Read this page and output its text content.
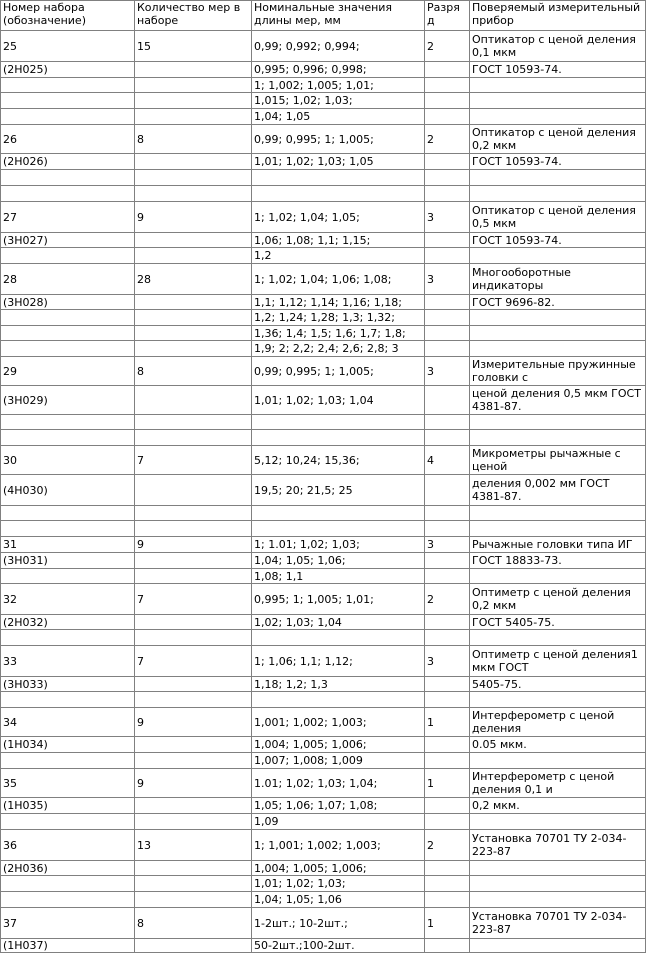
Номер набора (обозначение)	Количество мер в наборе	Номинальные значения длины мер, мм	Разряд	Поверяемый измерительный прибор
25	15	0,99; 0,992; 0,994;	2	Оптикатор с ценой деления 0,1 мкм
(2Н025)		0,995; 0,996; 0,998;		ГОСТ 10593-74.
		1; 1,002; 1,005; 1,01;		
		1,015; 1,02; 1,03;		
		1,04; 1,05		
26	8	0,99; 0,995; 1; 1,005;	2	Оптикатор с ценой деления 0,2 мкм
(2Н026)		1,01; 1,02; 1,03; 1,05		ГОСТ 10593-74.

27	9	1; 1,02; 1,04; 1,05;	3	Оптикатор с ценой деления 0,5 мкм
(3Н027)		1,06; 1,08; 1,1; 1,15;		ГОСТ 10593-74.
		1,2		
28	28	1; 1,02; 1,04; 1,06; 1,08;	3	Многооборотные индикаторы
(3Н028)		1,1; 1,12; 1,14; 1,16; 1,18;		ГОСТ 9696-82.
		1,2; 1,24; 1,28; 1,3; 1,32;		
		1,36; 1,4; 1,5; 1,6; 1,7; 1,8;		
		1,9; 2; 2,2; 2,4; 2,6; 2,8; 3		
29	8	0,99; 0,995; 1; 1,005;	3	Измерительные пружинные головки с
(3Н029)		1,01; 1,02; 1,03; 1,04		ценой деления 0,5 мкм ГОСТ 4381-87.

30	7	5,12; 10,24; 15,36;	4	Микрометры рычажные с ценой
(4Н030)		19,5; 20; 21,5; 25		деления 0,002 мм ГОСТ 4381-87.

31	9	1; 1.01; 1,02; 1,03;	3	Рычажные головки типа ИГ
(3Н031)		1,04; 1,05; 1,06;		ГОСТ 18833-73.
		1,08; 1,1		
32	7	0,995; 1; 1,005; 1,01;	2	Оптиметр с ценой деления 0,2 мкм
(2Н032)		1,02; 1,03; 1,04		ГОСТ 5405-75.

33	7	1; 1,06; 1,1; 1,12;	3	Оптиметр с ценой деления1 мкм ГОСТ
(3Н033)		1,18; 1,2; 1,3		5405-75.

34	9	1,001; 1,002; 1,003;	1	Интерферометр с ценой деления
(1Н034)		1,004; 1,005; 1,006;		0.05 мкм.
		1,007; 1,008; 1,009		
35	9	1.01; 1,02; 1,03; 1,04;	1	Интерферометр с ценой деления 0,1 и
(1Н035)		1,05; 1,06; 1,07; 1,08;		0,2 мкм.
		1,09		
36	13	1; 1,001; 1,002; 1,003;	2	Установка 70701 ТУ 2-034-223-87
(2Н036)		1,004; 1,005; 1,006;		
		1,01; 1,02; 1,03;		
		1,04; 1,05; 1,06		
37	8	1-2шт.; 10-2шт.;	1	Установка 70701 ТУ 2-034-223-87
(1Н037)		50-2шт.;100-2шт.		
